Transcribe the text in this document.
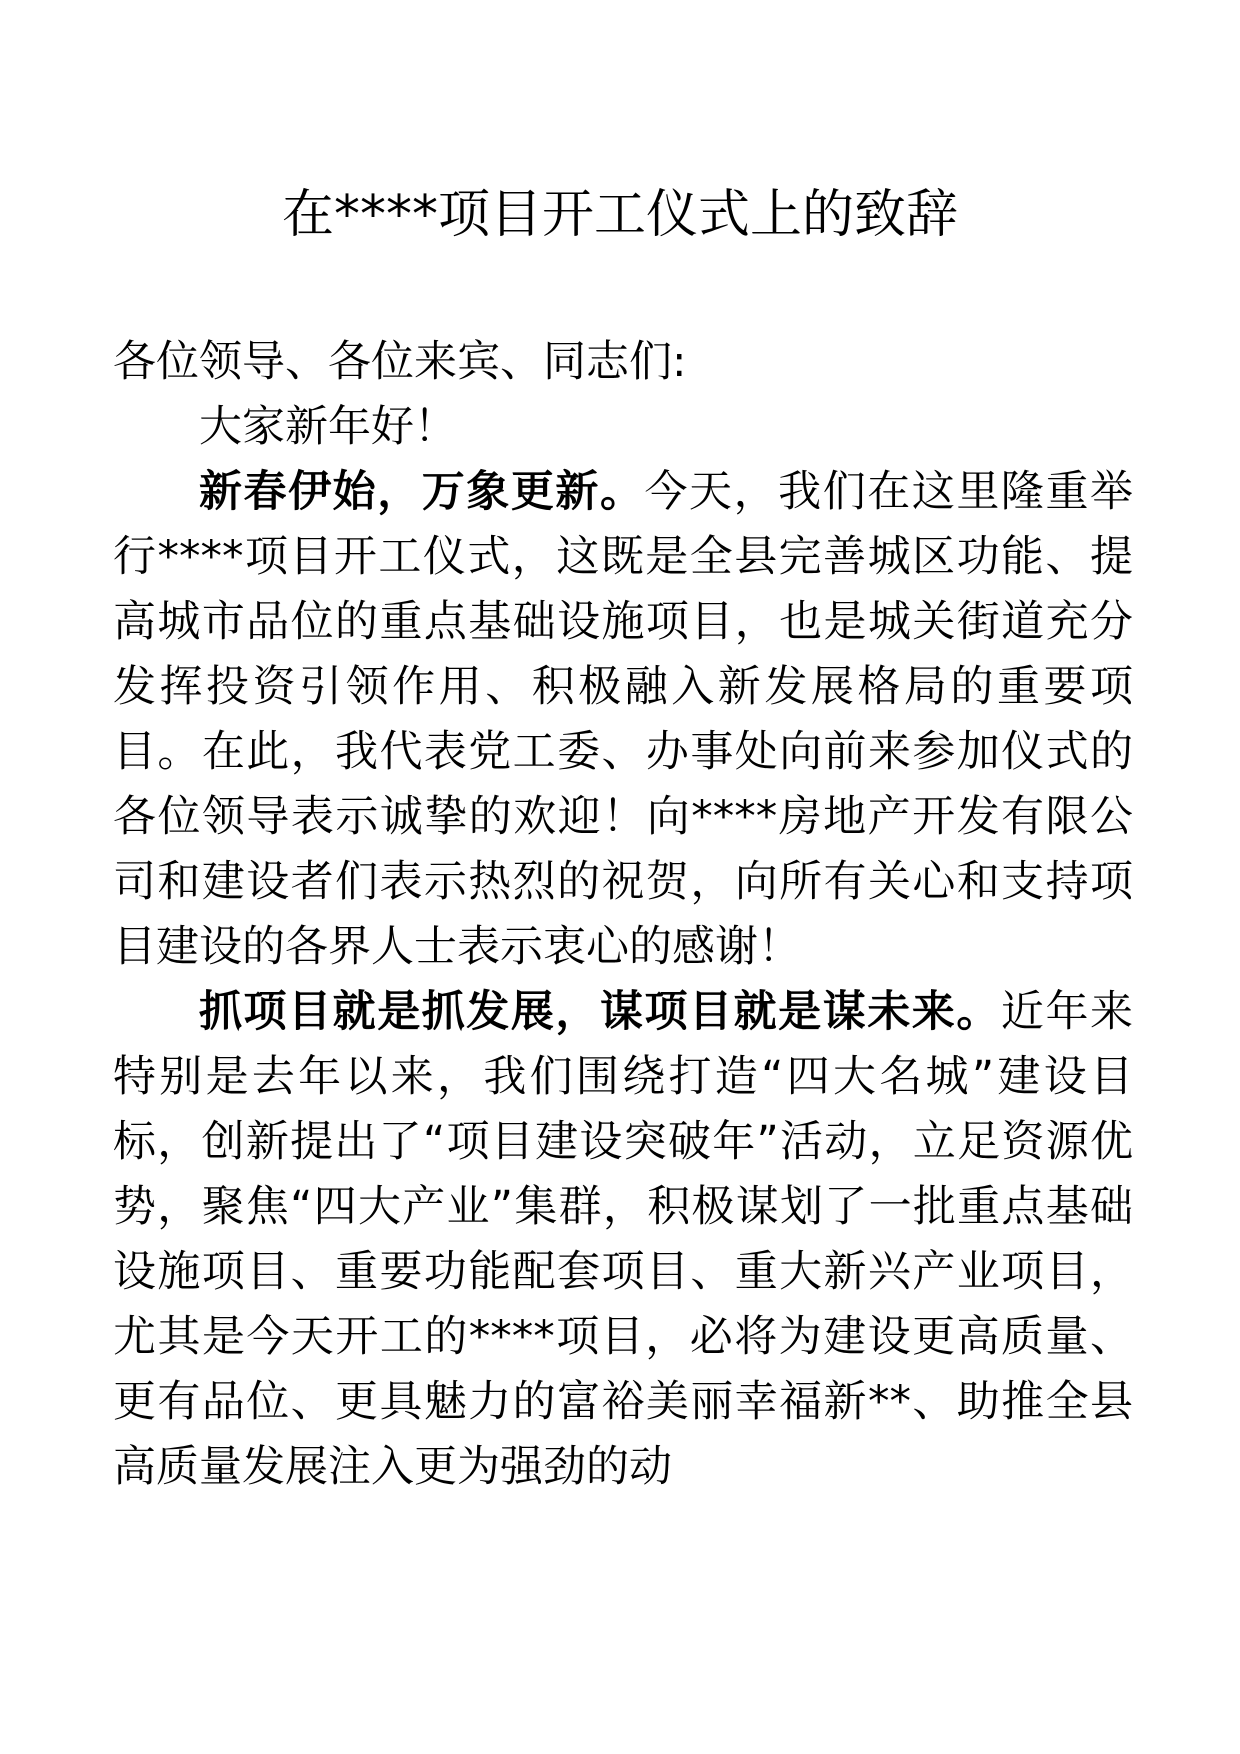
在****项目开工仪式上的致辞

各位领导、各位来宾、同志们:

大家新年好！

新春伊始，万象更新。今天，我们在这里隆重举行****项目开工仪式，这既是全县完善城区功能、提高城市品位的重点基础设施项目，也是城关街道充分发挥投资引领作用、积极融入新发展格局的重要项目。在此，我代表党工委、办事处向前来参加仪式的各位领导表示诚挚的欢迎！向****房地产开发有限公司和建设者们表示热烈的祝贺，向所有关心和支持项目建设的各界人士表示衷心的感谢！

抓项目就是抓发展，谋项目就是谋未来。近年来特别是去年以来，我们围绕打造“四大名城”建设目标，创新提出了“项目建设突破年”活动，立足资源优势，聚焦“四大产业”集群，积极谋划了一批重点基础设施项目、重要功能配套项目、重大新兴产业项目，尤其是今天开工的****项目，必将为建设更高质量、更有品位、更具魅力的富裕美丽幸福新**、助推全县高质量发展注入更为强劲的动
